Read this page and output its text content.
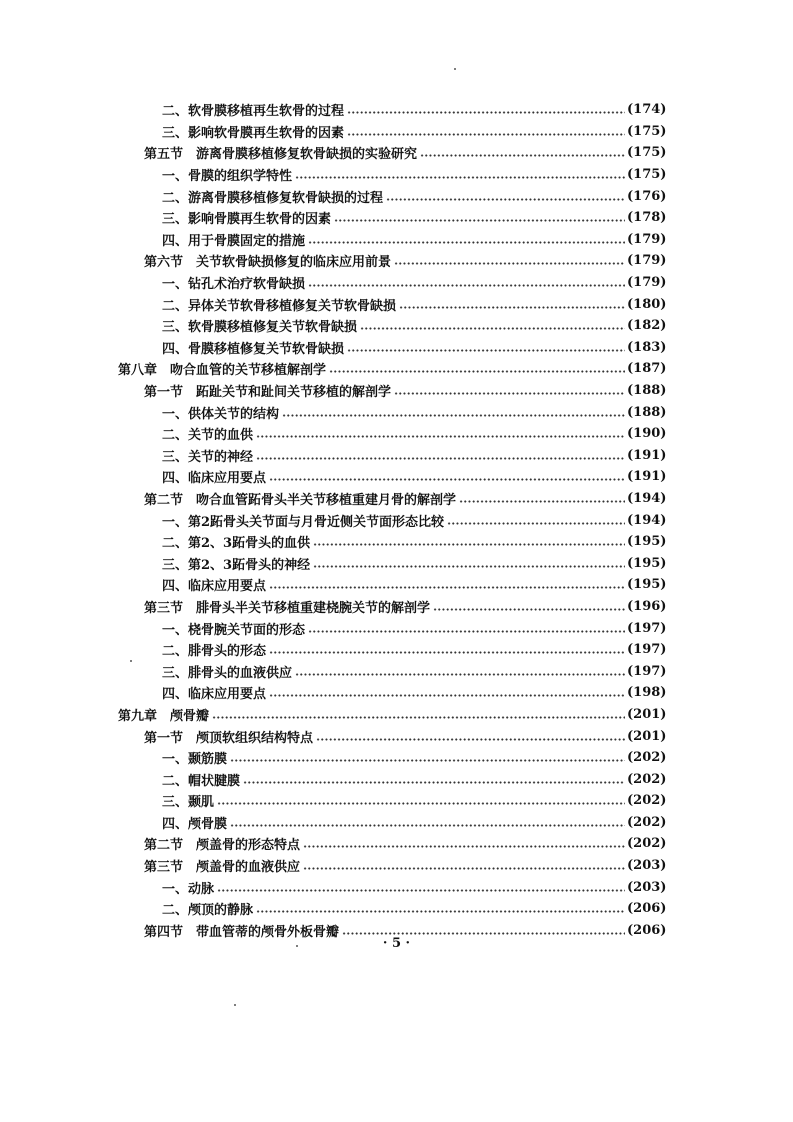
二、软骨膜移植再生软骨的过程	(174)
三、影响软骨膜再生软骨的因素	(175)
第五节　游离骨膜移植修复软骨缺损的实验研究	(175)
一、骨膜的组织学特性	(175)
二、游离骨膜移植修复软骨缺损的过程	(176)
三、影响骨膜再生软骨的因素	(178)
四、用于骨膜固定的措施	(179)
第六节　关节软骨缺损修复的临床应用前景	(179)
一、钻孔术治疗软骨缺损	(179)
二、异体关节软骨移植修复关节软骨缺损	(180)
三、软骨膜移植修复关节软骨缺损	(182)
四、骨膜移植修复关节软骨缺损	(183)
第八章　吻合血管的关节移植解剖学	(187)
第一节　跖趾关节和趾间关节移植的解剖学	(188)
一、供体关节的结构	(188)
二、关节的血供	(190)
三、关节的神经	(191)
四、临床应用要点	(191)
第二节　吻合血管跖骨头半关节移植重建月骨的解剖学	(194)
一、第2跖骨头关节面与月骨近侧关节面形态比较	(194)
二、第2、3跖骨头的血供	(195)
三、第2、3跖骨头的神经	(195)
四、临床应用要点	(195)
第三节　腓骨头半关节移植重建桡腕关节的解剖学	(196)
一、桡骨腕关节面的形态	(197)
二、腓骨头的形态	(197)
三、腓骨头的血液供应	(197)
四、临床应用要点	(198)
第九章　颅骨瓣	(201)
第一节　颅顶软组织结构特点	(201)
一、颞筋膜	(202)
二、帽状腱膜	(202)
三、颞肌	(202)
四、颅骨膜	(202)
第二节　颅盖骨的形态特点	(202)
第三节　颅盖骨的血液供应	(203)
一、动脉	(203)
二、颅顶的静脉	(206)
第四节　带血管蒂的颅骨外板骨瓣	(206)
· 5 ·
